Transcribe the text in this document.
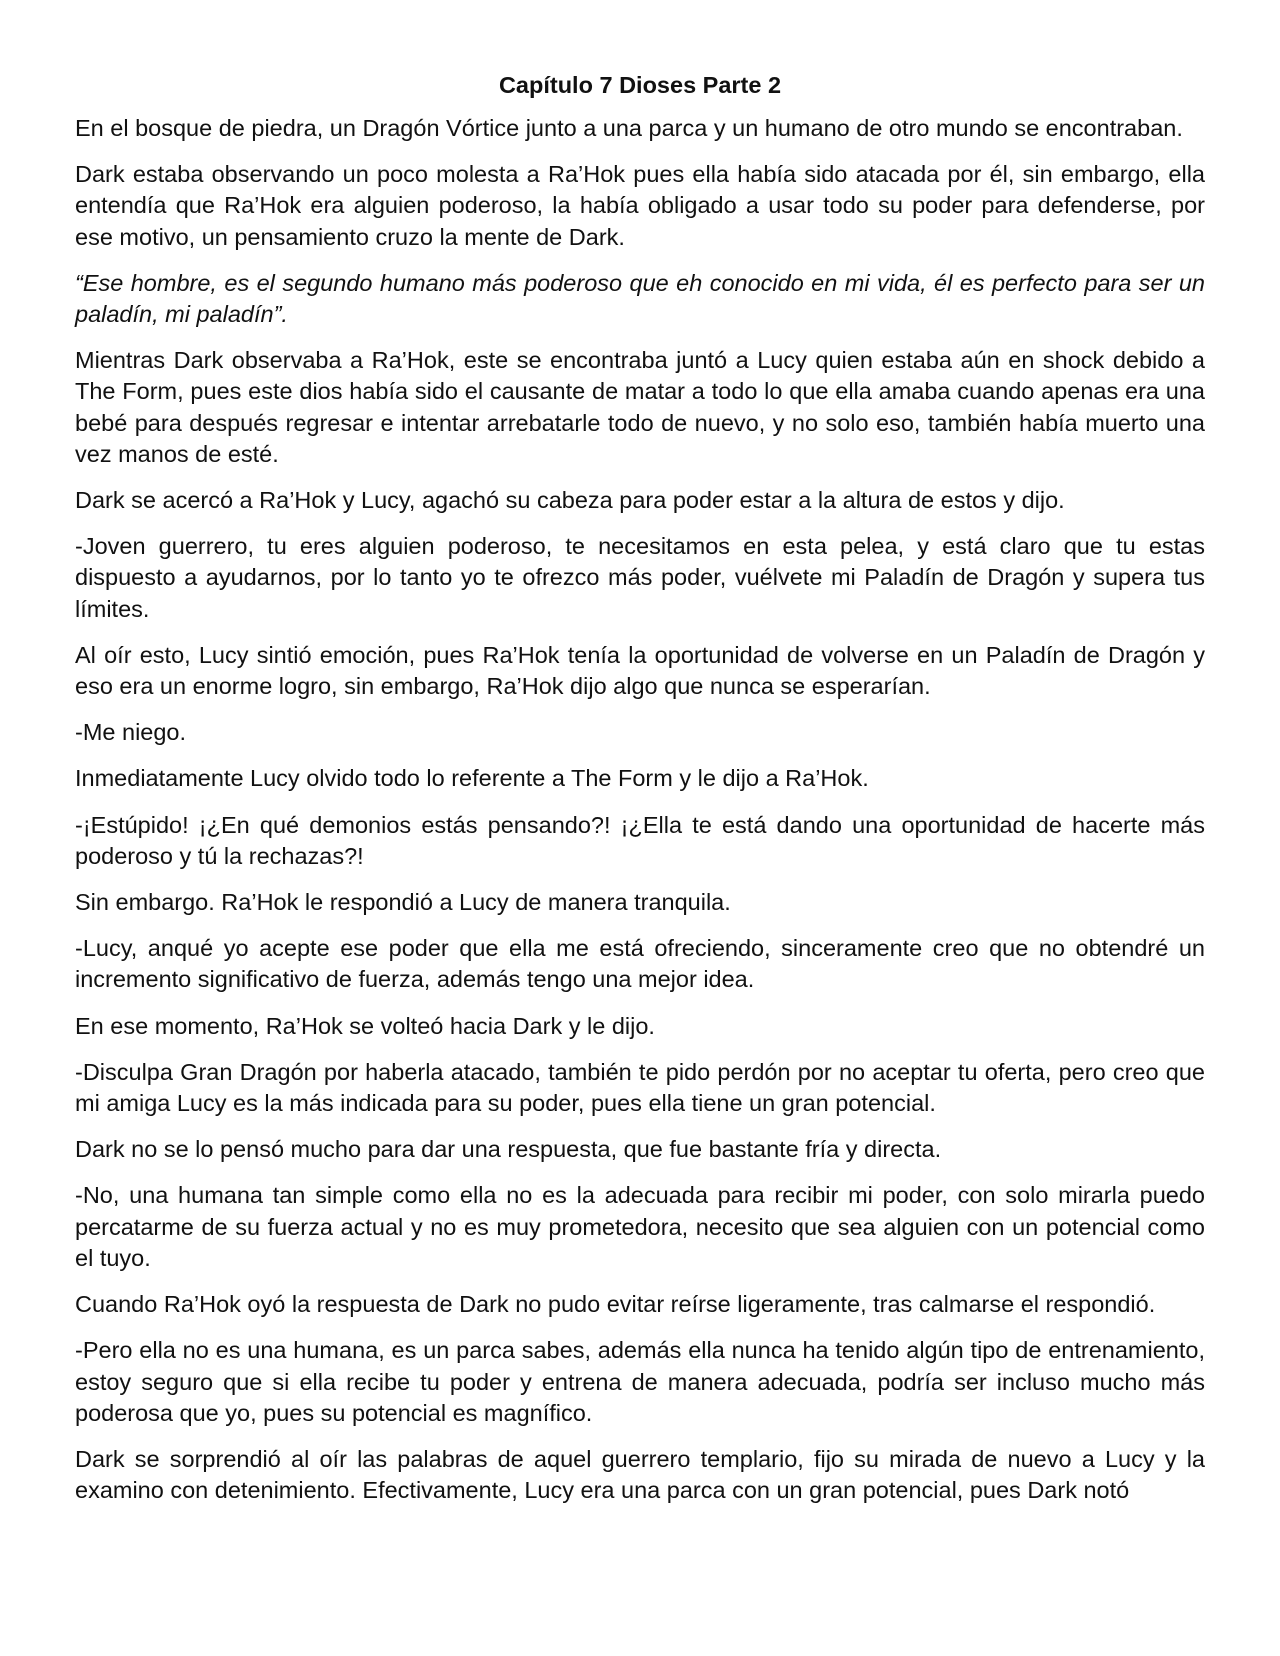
Capítulo 7 Dioses Parte 2

En el bosque de piedra, un Dragón Vórtice junto a una parca y un humano de otro mundo se encontraban.

Dark estaba observando un poco molesta a Ra’Hok pues ella había sido atacada por él, sin embargo, ella entendía que Ra’Hok era alguien poderoso, la había obligado a usar todo su poder para defenderse, por ese motivo, un pensamiento cruzo la mente de Dark.

“Ese hombre, es el segundo humano más poderoso que eh conocido en mi vida, él es perfecto para ser un paladín, mi paladín”.

Mientras Dark observaba a Ra’Hok, este se encontraba juntó a Lucy quien estaba aún en shock debido a The Form, pues este dios había sido el causante de matar a todo lo que ella amaba cuando apenas era una bebé para después regresar e intentar arrebatarle todo de nuevo, y no solo eso, también había muerto una vez manos de esté.

Dark se acercó a Ra’Hok y Lucy, agachó su cabeza para poder estar a la altura de estos y dijo.

-Joven guerrero, tu eres alguien poderoso, te necesitamos en esta pelea, y está claro que tu estas dispuesto a ayudarnos, por lo tanto yo te ofrezco más poder, vuélvete mi Paladín de Dragón y supera tus límites.

Al oír esto, Lucy sintió emoción, pues Ra’Hok tenía la oportunidad de volverse en un Paladín de Dragón y eso era un enorme logro, sin embargo, Ra’Hok dijo algo que nunca se esperarían.

-Me niego.

Inmediatamente Lucy olvido todo lo referente a The Form y le dijo a Ra’Hok.

-¡Estúpido! ¡¿En qué demonios estás pensando?! ¡¿Ella te está dando una oportunidad de hacerte más poderoso y tú la rechazas?!

Sin embargo. Ra’Hok le respondió a Lucy de manera tranquila.

-Lucy, anqué yo acepte ese poder que ella me está ofreciendo, sinceramente creo que no obtendré un incremento significativo de fuerza, además tengo una mejor idea.

En ese momento, Ra’Hok se volteó hacia Dark y le dijo.

-Disculpa Gran Dragón por haberla atacado, también te pido perdón por no aceptar tu oferta, pero creo que mi amiga Lucy es la más indicada para su poder, pues ella tiene un gran potencial.

Dark no se lo pensó mucho para dar una respuesta, que fue bastante fría y directa.

-No, una humana tan simple como ella no es la adecuada para recibir mi poder, con solo mirarla puedo percatarme de su fuerza actual y no es muy prometedora, necesito que sea alguien con un potencial como el tuyo.

Cuando Ra’Hok oyó la respuesta de Dark no pudo evitar reírse ligeramente, tras calmarse el respondió.

-Pero ella no es una humana, es un parca sabes, además ella nunca ha tenido algún tipo de entrenamiento, estoy seguro que si ella recibe tu poder y entrena de manera adecuada, podría ser incluso mucho más poderosa que yo, pues su potencial es magnífico.

Dark se sorprendió al oír las palabras de aquel guerrero templario, fijo su mirada de nuevo a Lucy y la examino con detenimiento. Efectivamente, Lucy era una parca con un gran potencial, pues Dark notó
